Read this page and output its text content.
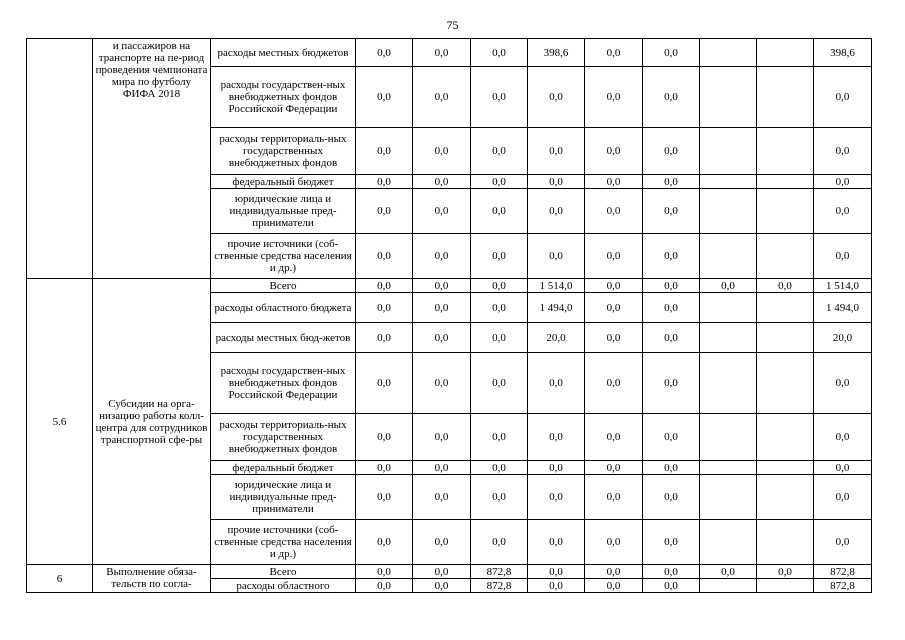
75
	и пассажиров на транспорте на пе-риод проведения чемпионата мира по футболу ФИФА 2018	расходы местных бюджетов	0,0	0,0	0,0	398,6	0,0	0,0			398,6
		расходы государствен-ных внебюджетных фондов Российской Федерации	0,0	0,0	0,0	0,0	0,0	0,0			0,0
		расходы территориаль-ных государственных внебюджетных фондов	0,0	0,0	0,0	0,0	0,0	0,0			0,0
		федеральный бюджет	0,0	0,0	0,0	0,0	0,0	0,0			0,0
		юридические лица и индивидуальные пред-приниматели	0,0	0,0	0,0	0,0	0,0	0,0			0,0
		прочие источники (соб-ственные средства населения и др.)	0,0	0,0	0,0	0,0	0,0	0,0			0,0
5.6	Субсидии на орга-низацию работы колл-центра для сотрудников транспортной сфе-ры	Всего	0,0	0,0	0,0	1 514,0	0,0	0,0	0,0	0,0	1 514,0
		расходы областного бюджета	0,0	0,0	0,0	1 494,0	0,0	0,0			1 494,0
		расходы местных бюд-жетов	0,0	0,0	0,0	20,0	0,0	0,0			20,0
		расходы государствен-ных внебюджетных фондов Российской Федерации	0,0	0,0	0,0	0,0	0,0	0,0			0,0
		расходы территориаль-ных государственных внебюджетных фондов	0,0	0,0	0,0	0,0	0,0	0,0			0,0
		федеральный бюджет	0,0	0,0	0,0	0,0	0,0	0,0			0,0
		юридические лица и индивидуальные пред-приниматели	0,0	0,0	0,0	0,0	0,0	0,0			0,0
		прочие источники (соб-ственные средства населения и др.)	0,0	0,0	0,0	0,0	0,0	0,0			0,0
6	Выполнение обяза-тельств по согла-	Всего	0,0	0,0	872,8	0,0	0,0	0,0	0,0	0,0	872,8
		расходы областного	0,0	0,0	872,8	0,0	0,0	0,0			872,8
